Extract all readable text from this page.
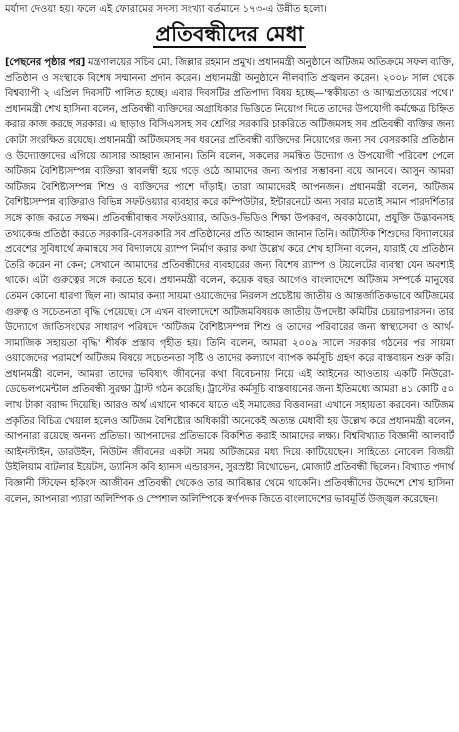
মর্যাদা দেওয়া হয়। ফলে এই ফোরামের সদস্য সংখ্যা বর্তমানে ১৭৩-এ উন্নীত হলো।
প্রতিবন্ধীদের মেধা

[পেছনের পৃষ্ঠার পর] মন্ত্রণালয়ের সচিব মো. জিল্লার রহমান প্রমুখ। প্রধানমন্ত্রী অনুষ্ঠানে অটিজম অতিক্রমে সফল ব্যক্তি, প্রতিষ্ঠান ও সংস্থাকে বিশেষ সম্মাননা প্রদান করেন। প্রধানমন্ত্রী অনুষ্ঠানে নীলবাতি প্রজ্বলন করেন। ২০০৮ সাল থেকে বিশ্বব্যাপী ২ এপ্রিল দিবসটি পালিত হচ্ছে। এবার দিবসটির প্রতিপাদ্য বিষয় হচ্ছে—'স্বকীয়তা ও আত্মপ্রত্যয়ের পথে।' প্রধানমন্ত্রী শেখ হাসিনা বলেন, প্রতিবন্ধী ব্যক্তিদের অগ্রাধিকার ভিত্তিতে নিয়োগ দিতে তাদের উপযোগী কর্মক্ষেত্র চিহ্নিত করার কাজ করছে সরকার। এ ছাড়াও বিসিএসসহ সব শ্রেণির সরকারি চাকরিতে অটিজমসহ সব প্রতিবন্ধী ব্যক্তির জন্য কোটা সংরক্ষিত রয়েছে। প্রধানমন্ত্রী অটিজমসহ সব ধরনের প্রতিবন্ধী ব্যক্তিদের নিয়োগের জন্য সব বেসরকারি প্রতিষ্ঠান ও উদ্যোক্তাদের এগিয়ে আসার আহ্বান জানান। তিনি বলেন, সকলের সমন্বিত উদ্যোগ ও উপযোগী পরিবেশ পেলে অটিজম বৈশিষ্ট্যসম্পন্ন ব্যক্তিরা স্বাবলম্বী হয়ে গড়ে ওঠে আমাদের জন্য অপার সম্ভাবনা বয়ে আনবে। আসুন আমরা অটিজম বৈশিষ্ট্যসম্পন্ন শিশু ও ব্যক্তিদের পাশে দাঁড়াই। তারা আমাদেরই আপনজন। প্রধানমন্ত্রী বলেন, অটিজম বৈশিষ্ট্যসম্পন্ন ব্যক্তিরাও বিভিন্ন সফটওয়্যার ব্যবহার করে কম্পিউটার, ইন্টারনেটে অন্য সবার মতোই সমান পারদর্শিতার সঙ্গে কাজ করতে সক্ষম। প্রতিবন্ধীবান্ধব সফটওয়্যার, অডিও-ভিডিও শিক্ষা উপকরণ, অবকাঠামো, প্রযুক্তি উদ্ভাবনসহ তথ্যকেন্দ্র প্রতিষ্ঠা করতে সরকারি-বেসরকারি সব প্রতিষ্ঠানের প্রতি আহ্বান জানান তিনি। অটিস্টিক শিশুদের বিদ্যালয়ের প্রবেশের সুবিধার্থে ক্রমান্বয়ে সব বিদ্যালয়ে র‌্যাম্প নির্মাণ করার কথা উল্লেখ করে শেখ হাসিনা বলেন, যারাই যে প্রতিষ্ঠান তৈরি করেন না কেন; সেখানে আমাদের প্রতিবন্ধীদের ব্যবহারের জন্য বিশেষ র‌্যাম্প ও টয়লেটের ব্যবস্থা যেন অবশ্যই থাকে। এটা গুরুত্বের সঙ্গে করতে হবে। প্রধানমন্ত্রী বলেন, কয়েক বছর আগেও বাংলাদেশে অটিজম সম্পর্কে মানুষের তেমন কোনো ধারণা ছিল না। আমার কন্যা সায়মা ওয়াজেদের নিরলস প্রচেষ্টায় জাতীয় ও আন্তর্জাতিকভাবে অটিজমের গুরুত্ব ও সচেতনতা বৃদ্ধি পেয়েছে। সে এখন বাংলাদেশে অটিজমবিষয়ক জাতীয় উপদেষ্টা কমিটির চেয়ারপারসন। তার উদ্যোগে জাতিসংঘের সাধারণ পরিষদে 'অটিজম বৈশিষ্ট্যসম্পন্ন শিশু ও তাদের পরিবারের জন্য স্বাস্থ্যসেবা ও আর্থ-সামাজিক সহায়তা বৃদ্ধি' শীর্ষক প্রস্তাব গৃহীত হয়। তিনি বলেন, আমরা ২০০৯ সালে সরকার গঠনের পর সায়মা ওয়াজেদের পরামর্শে অটিজম বিষয়ে সচেতনতা সৃষ্টি ও তাদের কল্যাণে ব্যাপক কর্মসূচি গ্রহণ করে বাস্তবায়ন শুরু করি। প্রধানমন্ত্রী বলেন, আমরা তাদের ভবিষ্যৎ জীবনের কথা বিবেচনায় নিয়ে এই আইনের আওতায় একটি নিউরো-ডেভেলপমেন্টাল প্রতিবন্ধী সুরক্ষা ট্রাস্ট গঠন করেছি। ট্রাস্টের কর্মসূচি বাস্তবায়নের জন্য ইতিমধ্যে আমরা ৪১ কোটি ৫০ লাখ টাকা বরাদ্দ দিয়েছি। আরও অর্থ এখানে থাকবে যাতে এই সমাজের বিত্তবানরা এখানে সহায়তা করবেন। অটিজম প্রকৃতির বিচিত্র খেয়াল হলেও অটিজম বৈশিষ্ট্যের অধিকারী অনেকেই অত্যন্ত মেধাবী হয় উল্লেখ করে প্রধানমন্ত্রী বলেন, আপনারা রয়েছে অনন্য প্রতিভা। আপনাদের প্রতিভাকে বিকশিত করাই আমাদের লক্ষ্য। বিশ্ববিখ্যাত বিজ্ঞানী আলবার্ট আইনস্টাইন, ডারউইন, নিউটন জীবনের একটা সময় অটিজমের মধ্য দিয়ে কাটিয়েছেন। সাহিত্যে নোবেল বিজয়ী উইলিয়াম বাটলার ইয়েটস, ড্যানিস কবি হ্যানস এন্ডারসন, সুরস্রষ্টা বিথোভেন, মোজার্ট প্রতিবন্ধী ছিলেন। বিখ্যাত পদার্থ বিজ্ঞানী স্টিফেন হকিংস আজীবন প্রতিবন্ধী থেকেও তার আবিষ্কার থেমে থাকেনি। প্রতিবন্ধীদের উদ্দেশে শেখ হাসিনা বলেন, আপনারা প্যারা অলিম্পিক ও স্পেশাল অলিম্পিকে স্বর্ণপদক জিতে বাংলাদেশের ভাবমূর্তি উজ্জ্বল করেছেন।
